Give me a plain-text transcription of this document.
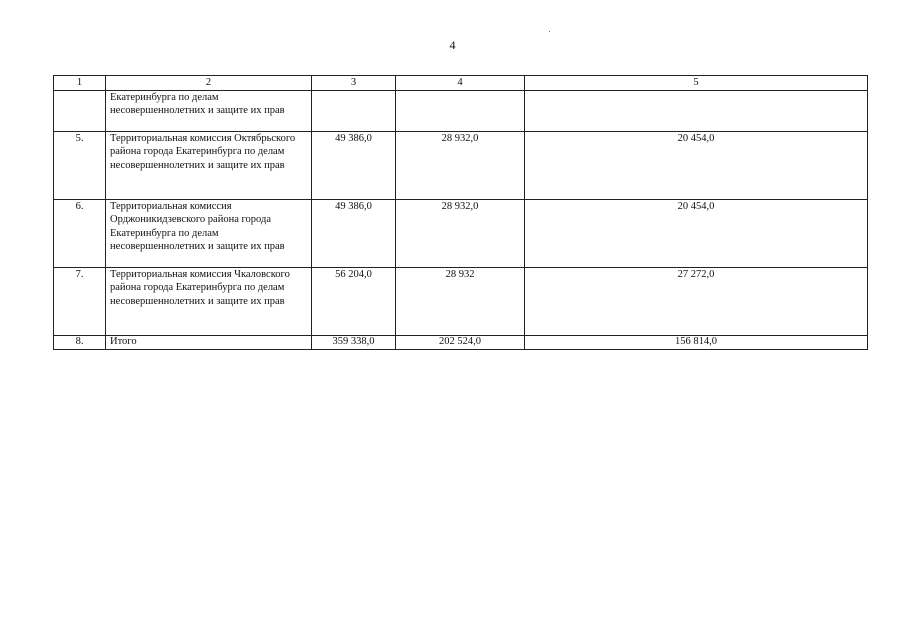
4
1	2	3	4	5
	Екатеринбурга по делам несовершеннолетних и защите их прав			
5.	Территориальная комиссия Октябрьского района города Екатеринбурга по делам несовершеннолетних и защите их прав	49 386,0	28 932,0	20 454,0
6.	Территориальная комиссия Орджоникидзевского района города Екатеринбурга по делам несовершеннолетних и защите их прав	49 386,0	28 932,0	20 454,0
7.	Территориальная комиссия Чкаловского района города Екатеринбурга по делам несовершеннолетних и защите их прав	56 204,0	28 932	27 272,0
8.	Итого	359 338,0	202 524,0	156 814,0
